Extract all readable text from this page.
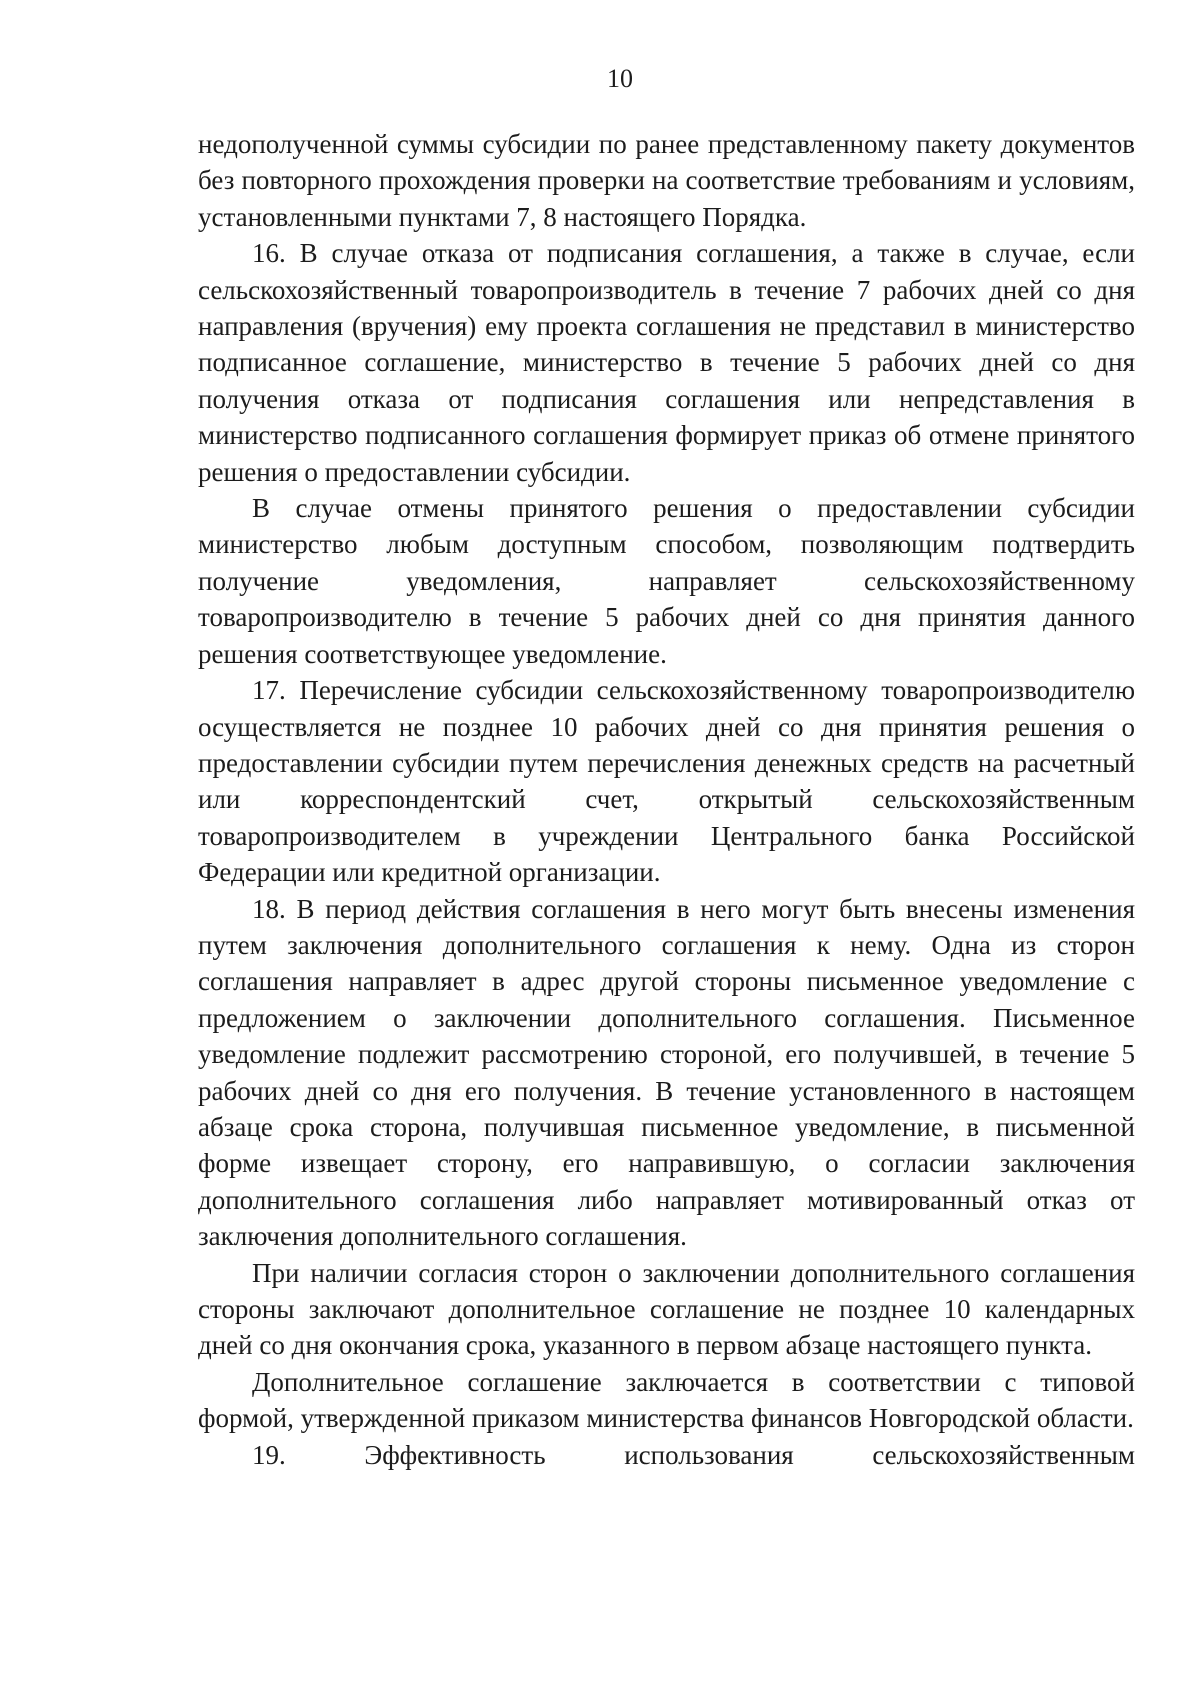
10

недополученной суммы субсидии по ранее представленному пакету документов без повторного прохождения проверки на соответствие требованиям и условиям, установленными пунктами 7, 8 настоящего Порядка.

16. В случае отказа от подписания соглашения, а также в случае, если сельскохозяйственный товаропроизводитель в течение 7 рабочих дней со дня направления (вручения) ему проекта соглашения не представил в министерство подписанное соглашение, министерство в течение 5 рабочих дней со дня получения отказа от подписания соглашения или непредставления в министерство подписанного соглашения формирует приказ об отмене принятого решения о предоставлении субсидии.

В случае отмены принятого решения о предоставлении субсидии министерство любым доступным способом, позволяющим подтвердить получение уведомления, направляет сельскохозяйственному товаропроизводителю в течение 5 рабочих дней со дня принятия данного решения соответствующее уведомление.

17. Перечисление субсидии сельскохозяйственному товаропроизводителю осуществляется не позднее 10 рабочих дней со дня принятия решения о предоставлении субсидии путем перечисления денежных средств на расчетный или корреспондентский счет, открытый сельскохозяйственным товаропроизводителем в учреждении Центрального банка Российской Федерации или кредитной организации.

18. В период действия соглашения в него могут быть внесены изменения путем заключения дополнительного соглашения к нему. Одна из сторон соглашения направляет в адрес другой стороны письменное уведомление с предложением о заключении дополнительного соглашения. Письменное уведомление подлежит рассмотрению стороной, его получившей, в течение 5 рабочих дней со дня его получения. В течение установленного в настоящем абзаце срока сторона, получившая письменное уведомление, в письменной форме извещает сторону, его направившую, о согласии заключения дополнительного соглашения либо направляет мотивированный отказ от заключения дополнительного соглашения.

При наличии согласия сторон о заключении дополнительного соглашения стороны заключают дополнительное соглашение не позднее 10 календарных дней со дня окончания срока, указанного в первом абзаце настоящего пункта.

Дополнительное соглашение заключается в соответствии с типовой формой, утвержденной приказом министерства финансов Новгородской области.

19. Эффективность использования сельскохозяйственным
